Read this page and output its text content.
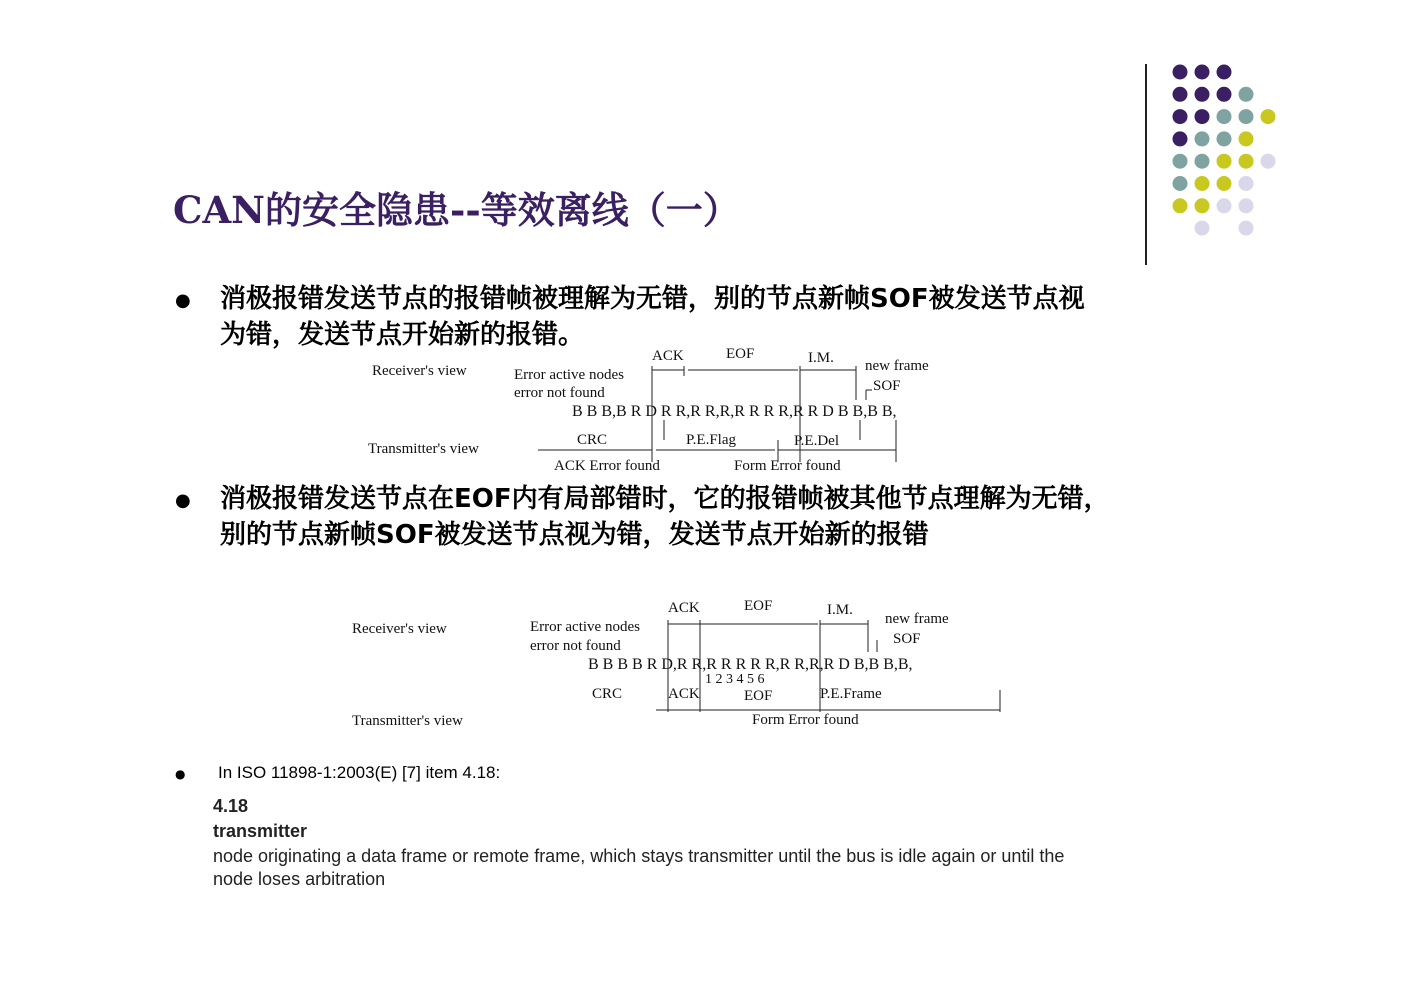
CAN的安全隐患--等效离线（一）
● 消极报错发送节点的报错帧被理解为无错，别的节点新帧SOF被发送节点视
为错，发送节点开始新的报错。
Receiver's view	Error active nodes
error not found
ACK	EOF	I.M. new frame
SOF
B B B,B R D R R,R R,R,R R R R,R R D B B,B B,
Transmitter's view
CRC	P.E.Flag	P.E.Del
ACK Error found	Form Error found
● 消极报错发送节点在EOF内有局部错时，它的报错帧被其他节点理解为无错，
别的节点新帧SOF被发送节点视为错，发送节点开始新的报错
Receiver's view	Error active nodes
error not found
ACK	EOF	I.M.
new frame
SOF
B B B B R D,R R,R R R R R,R R,R,R D B,B B,B,
1 2 3 4 5 6
CRC	ACK	EOF	P.E.Frame
Transmitter's view	Form Error found
● In ISO 11898-1:2003(E) [7] item 4.18:
4.18
transmitter
node originating a data frame or remote frame, which stays transmitter until the bus is idle again or until the
node loses arbitration
